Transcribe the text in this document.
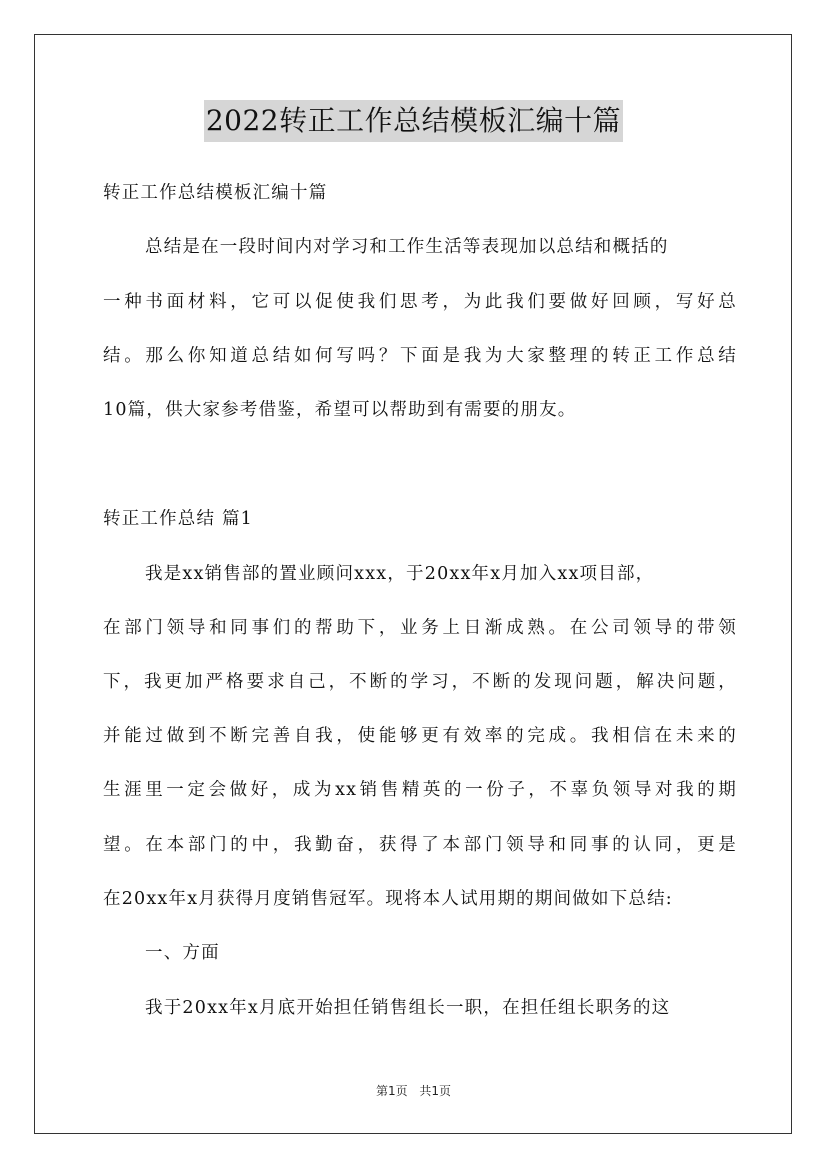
2022转正工作总结模板汇编十篇
转正工作总结模板汇编十篇
总结是在一段时间内对学习和工作生活等表现加以总结和概括的
一种书面材料，它可以促使我们思考，为此我们要做好回顾，写好总
结。那么你知道总结如何写吗？下面是我为大家整理的转正工作总结
10篇，供大家参考借鉴，希望可以帮助到有需要的朋友。
转正工作总结 篇1
我是xx销售部的置业顾问xxx，于20xx年x月加入xx项目部，
在部门领导和同事们的帮助下，业务上日渐成熟。在公司领导的带领
下，我更加严格要求自己，不断的学习，不断的发现问题，解决问题，
并能过做到不断完善自我，使能够更有效率的完成。我相信在未来的
生涯里一定会做好，成为xx销售精英的一份子，不辜负领导对我的期
望。在本部门的中，我勤奋，获得了本部门领导和同事的认同，更是
在20xx年x月获得月度销售冠军。现将本人试用期的期间做如下总结:
一、方面
我于20xx年x月底开始担任销售组长一职，在担任组长职务的这
第1页 共1页
